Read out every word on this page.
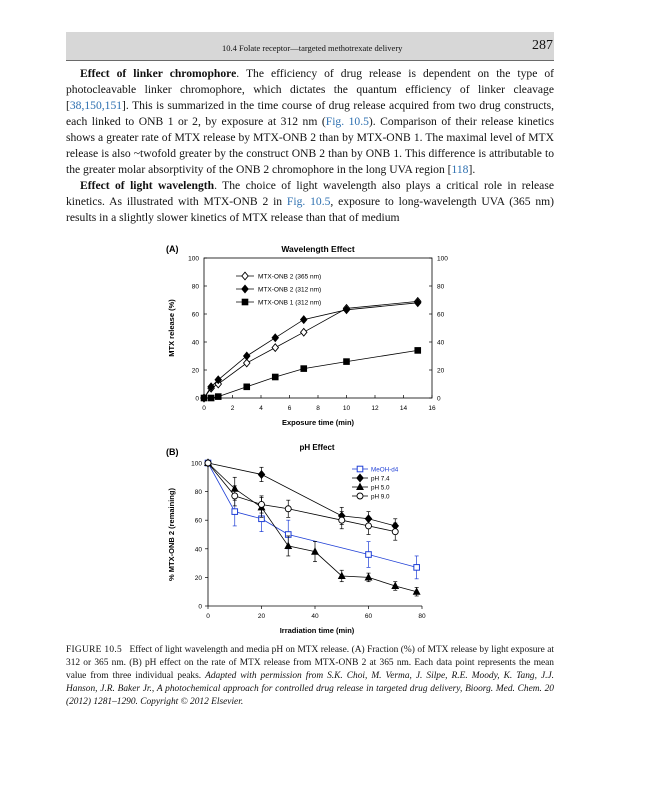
10.4 Folate receptor—targeted methotrexate delivery	287

Effect of linker chromophore. The efficiency of drug release is dependent on the type of photocleavable linker chromophore, which dictates the quantum efficiency of linker cleavage [38,150,151]. This is summarized in the time course of drug release acquired from two drug constructs, each linked to ONB 1 or 2, by exposure at 312 nm (Fig. 10.5). Comparison of their release kinetics shows a greater rate of MTX release by MTX-ONB 2 than by MTX-ONB 1. The maximal level of MTX release is also ~twofold greater by the construct ONB 2 than by ONB 1. This difference is attributable to the greater molar absorptivity of the ONB 2 chromophore in the long UVA region [118].

Effect of light wavelength. The choice of light wavelength also plays a critical role in release kinetics. As illustrated with MTX-ONB 2 in Fig. 10.5, exposure to long-wavelength UVA (365 nm) results in a slightly slower kinetics of MTX release than that of medium

(A)	Wavelength Effect
0	0
20	20
40	40
60	60
80	80
100	100
0	2	4	6	8	10	12	14	16
Exposure time (min)
MTX release (%)
MTX-ONB 2 (365 nm)
MTX-ONB 2 (312 nm)
MTX-ONB 1 (312 nm)
(B)	pH Effect
0
20
40
60
80
100
0	20	40	60	80
Irradiation time (min)
% MTX-ONB 2 (remaining)
MeOH-d4
pH 7.4
pH 5.0
pH 9.0
FIGURE 10.5 Effect of light wavelength and media pH on MTX release. (A) Fraction (%) of MTX release by light exposure at 312 or 365 nm. (B) pH effect on the rate of MTX release from MTX-ONB 2 at 365 nm. Each data point represents the mean value from three individual peaks. Adapted with permission from S.K. Choi, M. Verma, J. Silpe, R.E. Moody, K. Tang, J.J. Hanson, J.R. Baker Jr., A photochemical approach for controlled drug release in targeted drug delivery, Bioorg. Med. Chem. 20 (2012) 1281–1290. Copyright © 2012 Elsevier.
